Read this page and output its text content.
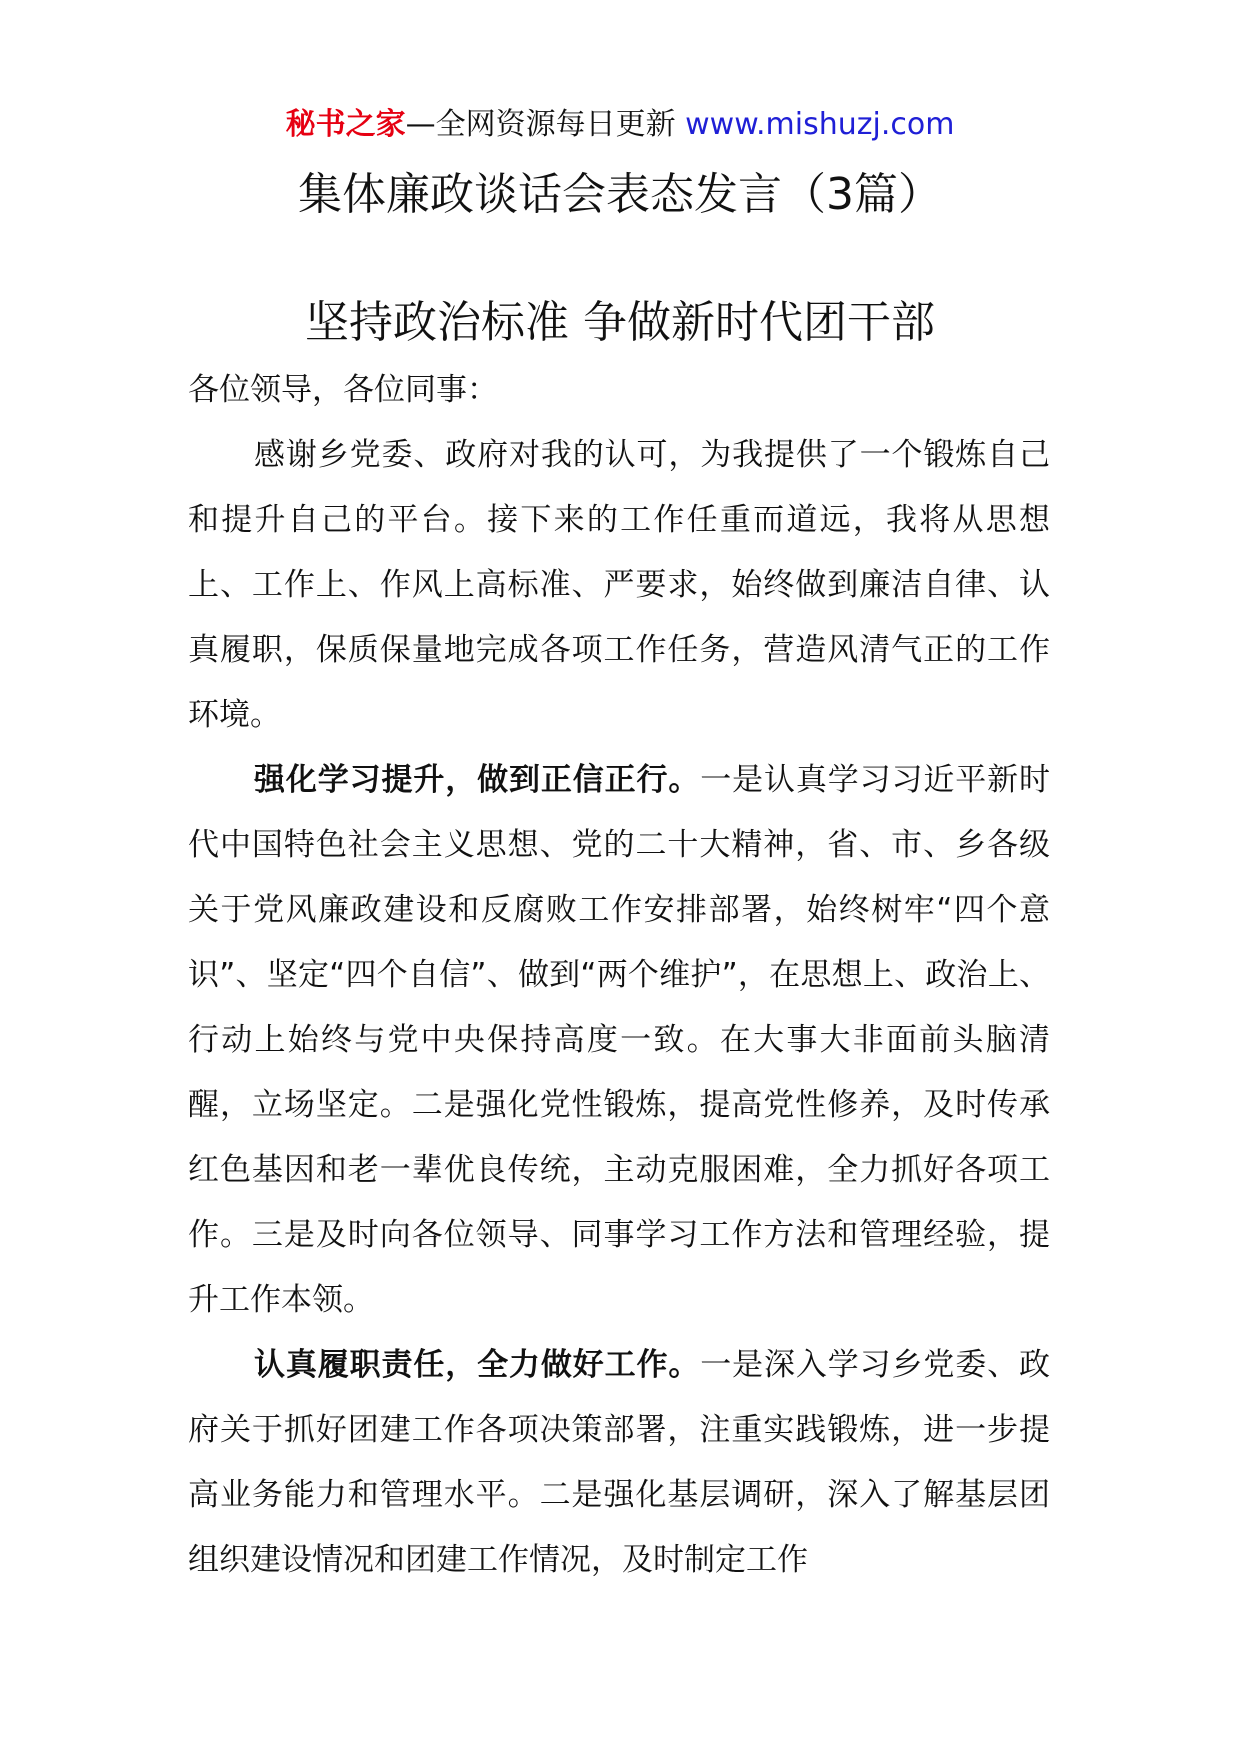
秘书之家—全网资源每日更新 www.mishuzj.com
集体廉政谈话会表态发言（3篇）
坚持政治标准 争做新时代团干部

各位领导，各位同事：

感谢乡党委、政府对我的认可，为我提供了一个锻炼自己和提升自己的平台。接下来的工作任重而道远，我将从思想上、工作上、作风上高标准、严要求，始终做到廉洁自律、认真履职，保质保量地完成各项工作任务，营造风清气正的工作环境。

强化学习提升，做到正信正行。一是认真学习习近平新时代中国特色社会主义思想、党的二十大精神，省、市、乡各级关于党风廉政建设和反腐败工作安排部署，始终树牢“四个意识”、坚定“四个自信”、做到“两个维护”，在思想上、政治上、行动上始终与党中央保持高度一致。在大事大非面前头脑清醒，立场坚定。二是强化党性锻炼，提高党性修养，及时传承红色基因和老一辈优良传统，主动克服困难，全力抓好各项工作。三是及时向各位领导、同事学习工作方法和管理经验，提升工作本领。

认真履职责任，全力做好工作。一是深入学习乡党委、政府关于抓好团建工作各项决策部署，注重实践锻炼，进一步提高业务能力和管理水平。二是强化基层调研，深入了解基层团组织建设情况和团建工作情况，及时制定工作
